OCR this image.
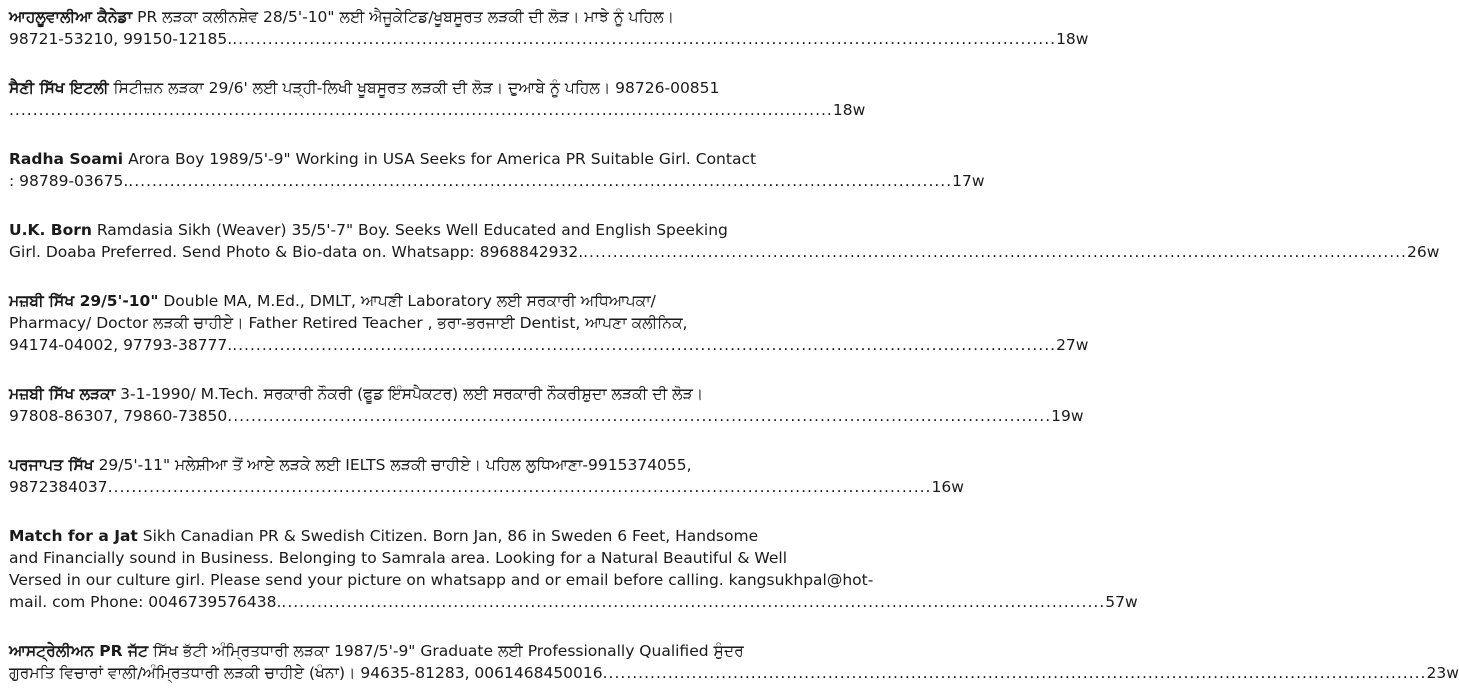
ਆਹਲੂਵਾਲੀਆ ਕੈਨੇਡਾ PR ਲੜਕਾ ਕਲੀਨਸ਼ੇਵ 28/5'-10" ਲਈ ਐਜੂਕੇਟਿਡ/ਖੂਬਸੂਰਤ ਲੜਕੀ ਦੀ ਲੋੜ। ਮਾਝੇ ਨੂੰ ਪਹਿਲ।
98721-53210, 99150-12185. ........................................................................................................................................... 18w
ਸੈਣੀ ਸਿੱਖ ਇਟਲੀ ਸਿਟੀਜ਼ਨ ਲੜਕਾ 29/6' ਲਈ ਪੜ੍ਹੀ-ਲਿਖੀ ਖੂਬਸੂਰਤ ਲੜਕੀ ਦੀ ਲੋੜ। ਦੁਆਬੇ ਨੂੰ ਪਹਿਲ। 98726-00851
........................................................................................................................................... 18w
Radha Soami Arora Boy 1989/5'-9" Working in USA Seeks for America PR Suitable Girl. Contact
: 98789-03675. ........................................................................................................................................... 17w
U.K. Born Ramdasia Sikh (Weaver) 35/5'-7" Boy. Seeks Well Educated and English Speeking
Girl. Doaba Preferred. Send Photo & Bio-data on. Whatsapp: 8968842932. ........................................................................................................................................... 26w
ਮਜ਼ਬੀ ਸਿੱਖ 29/5'-10" Double MA, M.Ed., DMLT, ਆਪਣੀ Laboratory ਲਈ ਸਰਕਾਰੀ ਅਧਿਆਪਕਾ/
Pharmacy/ Doctor ਲੜਕੀ ਚਾਹੀਏ। Father Retired Teacher , ਭਰਾ-ਭਰਜਾਈ Dentist, ਆਪਣਾ ਕਲੀਨਿਕ,
94174-04002, 97793-38777. ........................................................................................................................................... 27w
ਮਜ਼ਬੀ ਸਿੱਖ ਲੜਕਾ 3-1-1990/ M.Tech. ਸਰਕਾਰੀ ਨੌਕਰੀ (ਫੂਡ ਇੰਸਪੈਕਟਰ) ਲਈ ਸਰਕਾਰੀ ਨੌਕਰੀਸ਼ੁਦਾ ਲੜਕੀ ਦੀ ਲੋੜ।
97808-86307, 79860-73850 ........................................................................................................................................... 19w
ਪਰਜਾਪਤ ਸਿੱਖ 29/5'-11" ਮਲੇਸ਼ੀਆ ਤੋਂ ਆਏ ਲੜਕੇ ਲਈ IELTS ਲੜਕੀ ਚਾਹੀਏ। ਪਹਿਲ ਲੁਧਿਆਣਾ-9915374055,
9872384037 ........................................................................................................................................... 16w
Match for a Jat Sikh Canadian PR & Swedish Citizen. Born Jan, 86 in Sweden 6 Feet, Handsome
and Financially sound in Business. Belonging to Samrala area. Looking for a Natural Beautiful & Well
Versed in our culture girl. Please send your picture on whatsapp and or email before calling. kangsukhpal@hot-
mail. com Phone: 0046739576438. ........................................................................................................................................... 57w
ਆਸਟ੍ਰੇਲੀਅਨ PR ਜੱਟ ਸਿੱਖ ਭੱਟੀ ਅੰਮ੍ਰਿਤਧਾਰੀ ਲੜਕਾ 1987/5'-9" Graduate ਲਈ Professionally Qualified ਸੁੰਦਰ
ਗੁਰਮਤਿ ਵਿਚਾਰਾਂ ਵਾਲੀ/ਅੰਮ੍ਰਿਤਧਾਰੀ ਲੜਕੀ ਚਾਹੀਏ (ਖੰਨਾ)। 94635-81283, 0061468450016 ........................................................................................................................................... 23w
